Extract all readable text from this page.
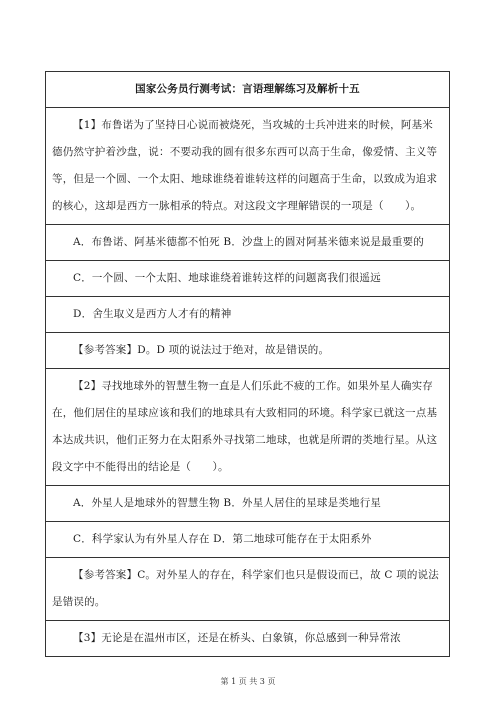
国家公务员行测考试：言语理解练习及解析十五
【1】布鲁诺为了坚持日心说而被烧死，当攻城的士兵冲进来的时候，阿基米德仍然守护着沙盘，说：不要动我的圆有很多东西可以高于生命，像爱情、主义等等，但是一个圆、一个太阳、地球谁绕着谁转这样的问题高于生命，以致成为追求的核心，这却是西方一脉相承的特点。对这段文字理解错误的一项是（　　）。
A．布鲁诺、阿基米德都不怕死 B．沙盘上的圆对阿基米德来说是最重要的
C．一个圆、一个太阳、地球谁绕着谁转这样的问题离我们很遥远
D．舍生取义是西方人才有的精神
【参考答案】D。D 项的说法过于绝对，故是错误的。
【2】寻找地球外的智慧生物一直是人们乐此不疲的工作。如果外星人确实存在，他们居住的星球应该和我们的地球具有大致相同的环境。科学家已就这一点基本达成共识，他们正努力在太阳系外寻找第二地球，也就是所谓的类地行星。从这段文字中不能得出的结论是（　　）。
A．外星人是地球外的智慧生物 B．外星人居住的星球是类地行星
C．科学家认为有外星人存在 D．第二地球可能存在于太阳系外
【参考答案】C。对外星人的存在，科学家们也只是假设而已，故 C 项的说法是错误的。
【3】无论是在温州市区，还是在桥头、白象镇，你总感到一种异常浓
第 1 页 共 3 页
